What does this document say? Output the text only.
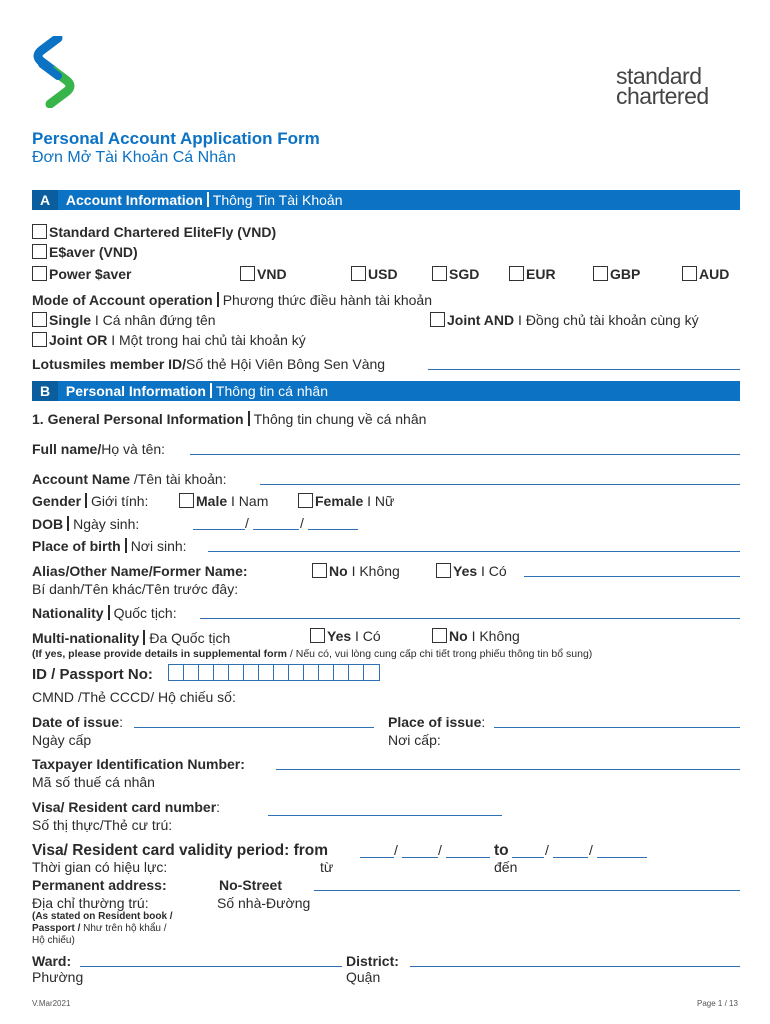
standard
chartered
Personal Account Application Form
Đơn Mở Tài Khoản Cá Nhân
A Account Information Thông Tin Tài Khoản
Standard Chartered EliteFly (VND)
E$aver (VND)
Power $aver	VND	USD	SGD	EUR	GBP	AUD
Mode of Account operation Phương thức điều hành tài khoản
Single I Cá nhân đứng tên	Joint AND I Đồng chủ tài khoản cùng ký
Joint OR I Một trong hai chủ tài khoản ký
Lotusmiles member ID/Số thẻ Hội Viên Bông Sen Vàng
B Personal Information Thông tin cá nhân
1. General Personal Information Thông tin chung về cá nhân
Full name/Họ và tên:
Account Name /Tên tài khoản:
Gender Giới tính:	Male I Nam	Female I Nữ
DOB Ngày sinh:	/	/
Place of birth Nơi sinh:
Alias/Other Name/Former Name:
Bí danh/Tên khác/Tên trước đây:
No I Không	Yes I Có
Nationality Quốc tịch:
Multi-nationality Đa Quốc tịch	Yes I Có	No I Không
(If yes, please provide details in supplemental form / Nếu có, vui lòng cung cấp chi tiết trong phiếu thông tin bổ sung)
ID / Passport No:
CMND /Thẻ CCCD/ Hộ chiếu số:
Date of issue:
Ngày cấp
Place of issue:
Nơi cấp:
Taxpayer Identification Number:
Mã số thuế cá nhân
Visa/ Resident card number:
Số thị thực/Thẻ cư trú:
Visa/ Resident card validity period: from	/	/	to	/	/
Thời gian có hiệu lực:	từ	đến
Permanent address:	No-Street
Địa chỉ thường trú:	Số nhà-Đường
(As stated on Resident book /
Passport / Như trên hộ khẩu /
Hộ chiếu)
Ward:
Phường
District:
Quận
V.Mar2021	Page 1 / 13
